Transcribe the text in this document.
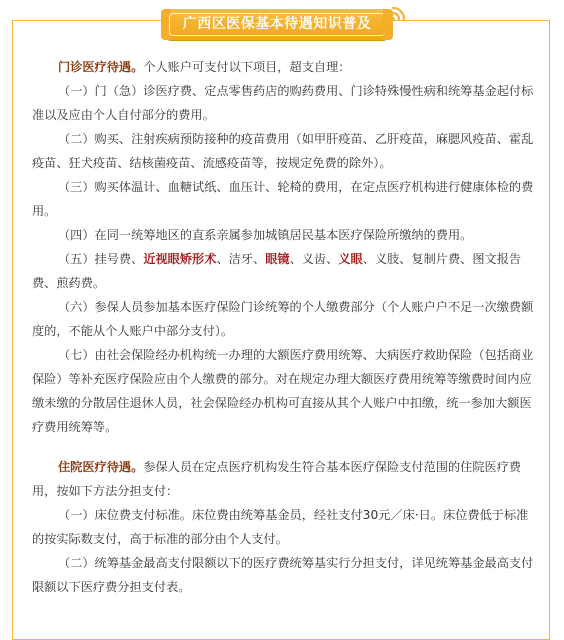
广西区医保基本待遇知识普及

门诊医疗待遇。个人账户可支付以下项目，超支自理：

（一）门（急）诊医疗费、定点零售药店的购药费用、门诊特殊慢性病和统筹基金起付标准以及应由个人自付部分的费用。

（二）购买、注射疾病预防接种的疫苗费用（如甲肝疫苗、乙肝疫苗，麻腮风疫苗、霍乱疫苗、狂犬疫苗、结核菌疫苗、流感疫苗等，按规定免费的除外）。

（三）购买体温计、血糖试纸、血压计、轮椅的费用，在定点医疗机构进行健康体检的费用。

（四）在同一统筹地区的直系亲属参加城镇居民基本医疗保险所缴纳的费用。

（五）挂号费、近视眼矫形术、洁牙、眼镜、义齿、义眼、义肢、复制片费、图文报告费、煎药费。

（六）参保人员参加基本医疗保险门诊统筹的个人缴费部分（个人账户户不足一次缴费额度的，不能从个人账户中部分支付）。

（七）由社会保险经办机构统一办理的大额医疗费用统筹、大病医疗救助保险（包括商业保险）等补充医疗保险应由个人缴费的部分。对在规定办理大额医疗费用统筹等缴费时间内应缴未缴的分散居住退休人员，社会保险经办机构可直接从其个人账户中扣缴，统一参加大额医疗费用统筹等。

住院医疗待遇。参保人员在定点医疗机构发生符合基本医疗保险支付范围的住院医疗费用，按如下方法分担支付：

（一）床位费支付标准。床位费由统筹基金员，经社支付30元／床·日。床位费低于标准的按实际数支付，高于标准的部分由个人支付。

（二）统筹基金最高支付限额以下的医疗费统筹基实行分担支付，详见统筹基金最高支付限额以下医疗费分担支付表。
